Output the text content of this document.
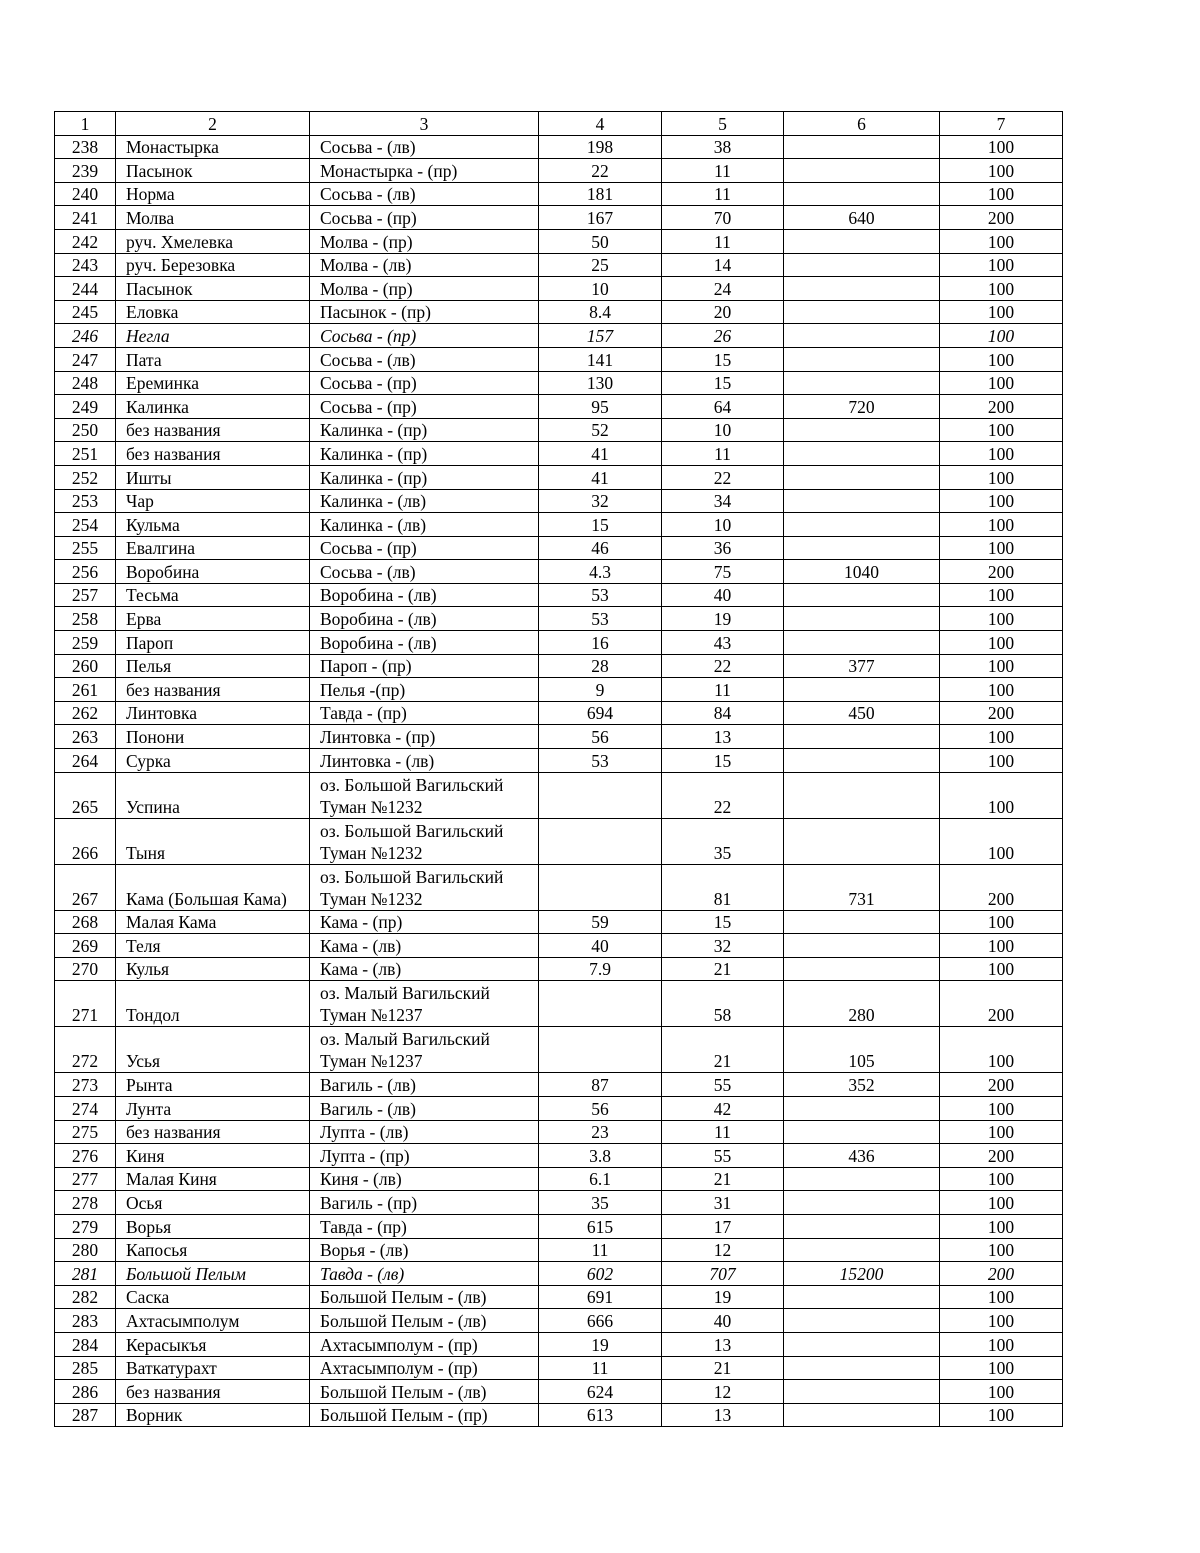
1	2	3	4	5	6	7
238	Монастырка	Сосьва - (лв)	198	38		100
239	Пасынок	Монастырка - (пр)	22	11		100
240	Норма	Сосьва - (лв)	181	11		100
241	Молва	Сосьва - (пр)	167	70	640	200
242	руч. Хмелевка	Молва - (пр)	50	11		100
243	руч. Березовка	Молва - (лв)	25	14		100
244	Пасынок	Молва - (пр)	10	24		100
245	Еловка	Пасынок - (пр)	8.4	20		100
246	Негла	Сосьва - (пр)	157	26		100
247	Пата	Сосьва - (лв)	141	15		100
248	Ереминка	Сосьва - (пр)	130	15		100
249	Калинка	Сосьва - (пр)	95	64	720	200
250	без названия	Калинка - (пр)	52	10		100
251	без названия	Калинка - (пр)	41	11		100
252	Ишты	Калинка - (пр)	41	22		100
253	Чар	Калинка - (лв)	32	34		100
254	Кульма	Калинка - (лв)	15	10		100
255	Евалгина	Сосьва - (пр)	46	36		100
256	Воробина	Сосьва - (лв)	4.3	75	1040	200
257	Тесьма	Воробина - (лв)	53	40		100
258	Ерва	Воробина - (лв)	53	19		100
259	Пароп	Воробина - (лв)	16	43		100
260	Пелья	Пароп - (пр)	28	22	377	100
261	без названия	Пелья -(пр)	9	11		100
262	Линтовка	Тавда - (пр)	694	84	450	200
263	Понони	Линтовка - (пр)	56	13		100
264	Сурка	Линтовка - (лв)	53	15		100
265	Успина	оз. Большой Вагильский Туман №1232		22		100
266	Тыня	оз. Большой Вагильский Туман №1232		35		100
267	Кама (Большая Кама)	оз. Большой Вагильский Туман №1232		81	731	200
268	Малая Кама	Кама - (пр)	59	15		100
269	Теля	Кама - (лв)	40	32		100
270	Кулья	Кама - (лв)	7.9	21		100
271	Тондол	оз. Малый Вагильский Туман №1237		58	280	200
272	Усья	оз. Малый Вагильский Туман №1237		21	105	100
273	Рынта	Вагиль - (лв)	87	55	352	200
274	Лунта	Вагиль - (лв)	56	42		100
275	без названия	Лупта - (лв)	23	11		100
276	Киня	Лупта - (пр)	3.8	55	436	200
277	Малая Киня	Киня - (лв)	6.1	21		100
278	Осья	Вагиль - (пр)	35	31		100
279	Ворья	Тавда - (пр)	615	17		100
280	Капосья	Ворья - (лв)	11	12		100
281	Большой Пелым	Тавда - (лв)	602	707	15200	200
282	Саска	Большой Пелым - (лв)	691	19		100
283	Ахтасымполум	Большой Пелым - (лв)	666	40		100
284	Керасыкъя	Ахтасымполум - (пр)	19	13		100
285	Ваткатурахт	Ахтасымполум - (пр)	11	21		100
286	без названия	Большой Пелым - (лв)	624	12		100
287	Ворник	Большой Пелым - (пр)	613	13		100
